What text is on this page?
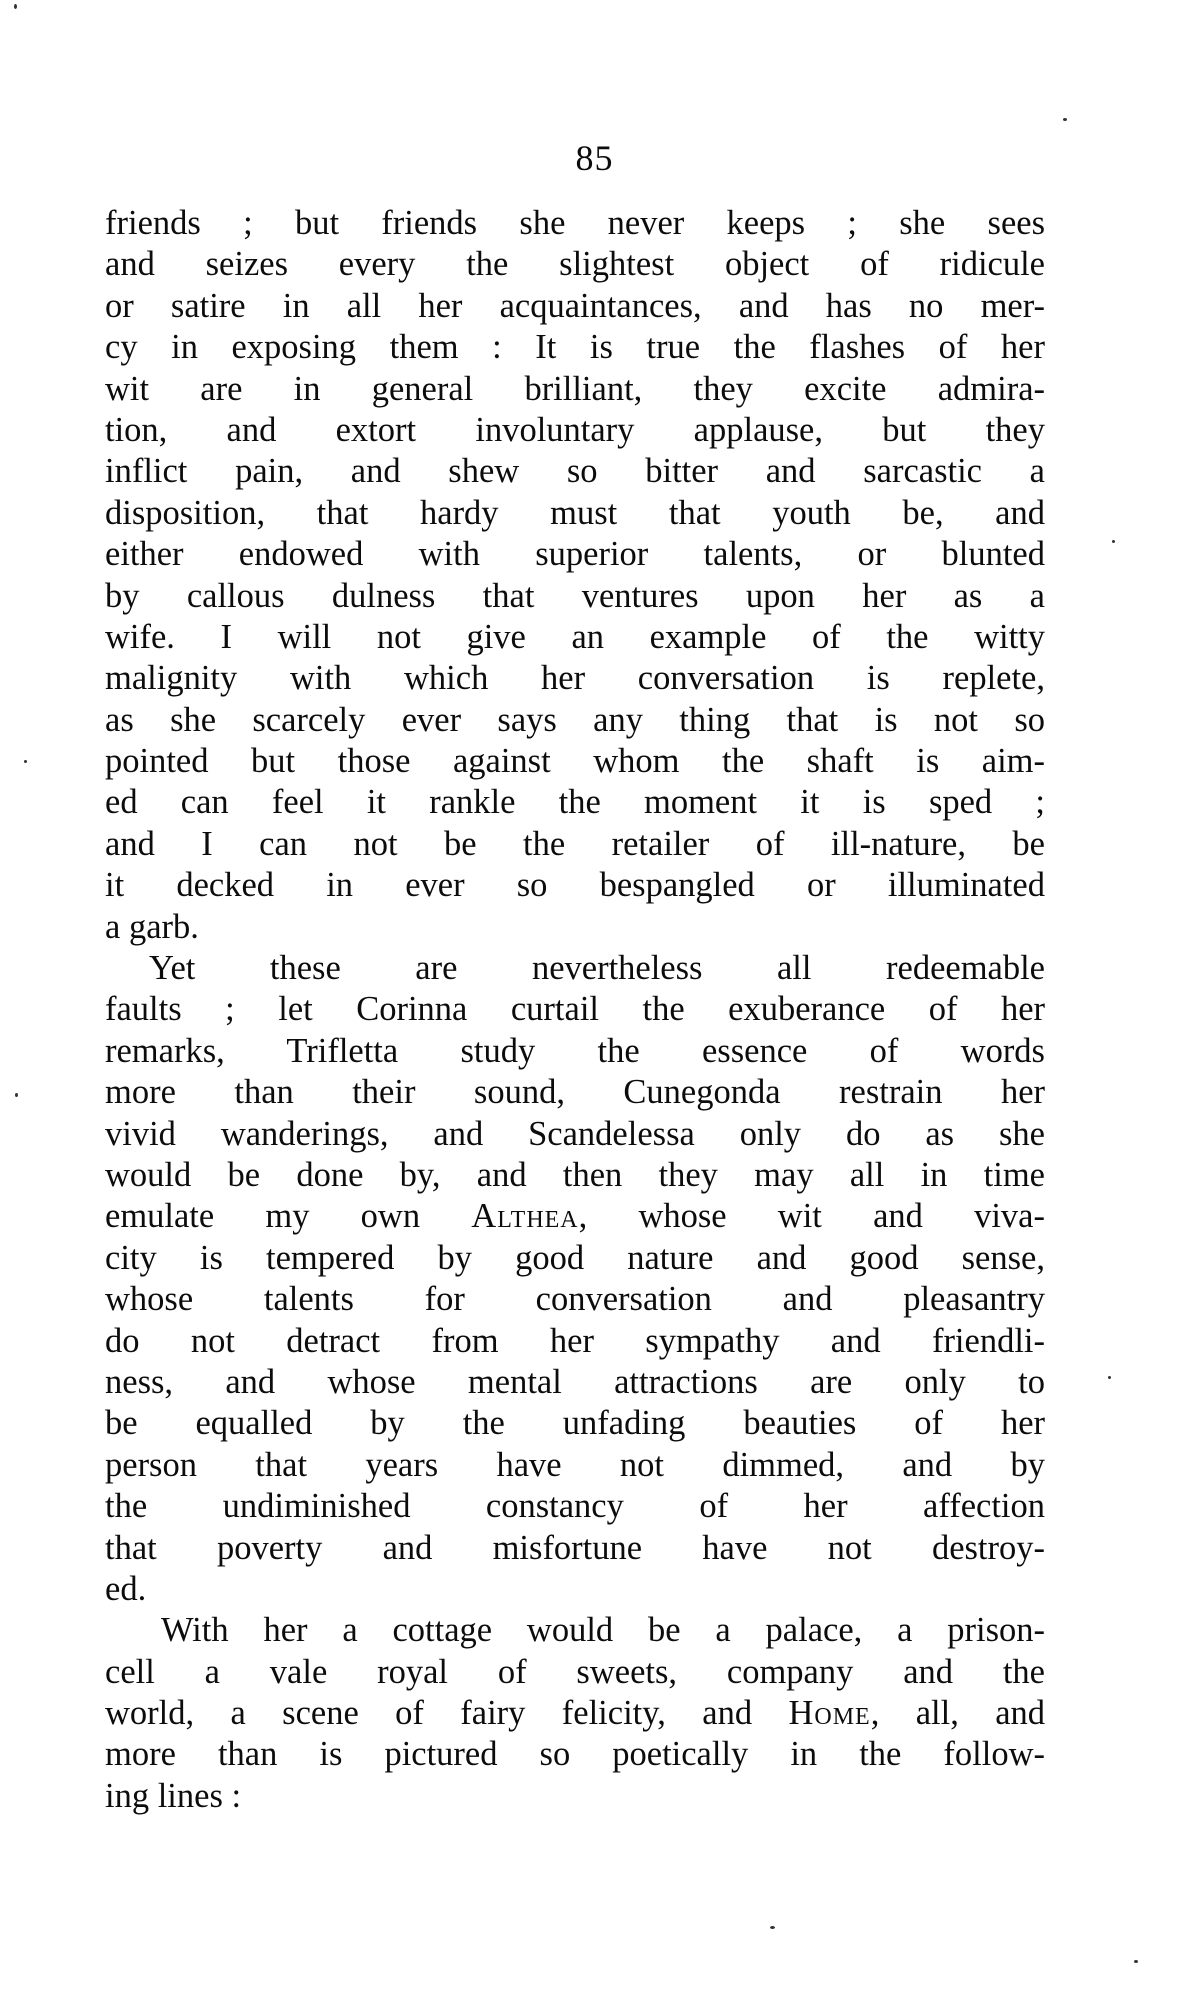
85
friends ; but friends she never keeps ; she sees
and seizes every the slightest object of ridicule
or satire in all her acquaintances, and has no mer-
cy in exposing them : It is true the flashes of her
wit are in general brilliant, they excite admira-
tion, and extort involuntary applause, but they
inflict pain, and shew so bitter and sarcastic a
disposition, that hardy must that youth be, and
either endowed with superior talents, or blunted
by callous dulness that ventures upon her as a
wife. I will not give an example of the witty
malignity with which her conversation is replete,
as she scarcely ever says any thing that is not so
pointed but those against whom the shaft is aim-
ed can feel it rankle the moment it is sped ;
and I can not be the retailer of ill-nature, be
it decked in ever so bespangled or illuminated
a garb.
Yet these are nevertheless all redeemable
faults ; let Corinna curtail the exuberance of her
remarks, Trifletta study the essence of words
more than their sound, Cunegonda restrain her
vivid wanderings, and Scandelessa only do as she
would be done by, and then they may all in time
emulate my own Althea, whose wit and viva-
city is tempered by good nature and good sense,
whose talents for conversation and pleasantry
do not detract from her sympathy and friendli-
ness, and whose mental attractions are only to
be equalled by the unfading beauties of her
person that years have not dimmed, and by
the undiminished constancy of her affection
that poverty and misfortune have not destroy-
ed.
With her a cottage would be a palace, a prison-
cell a vale royal of sweets, company and the
world, a scene of fairy felicity, and Home, all, and
more than is pictured so poetically in the follow-
ing lines :
